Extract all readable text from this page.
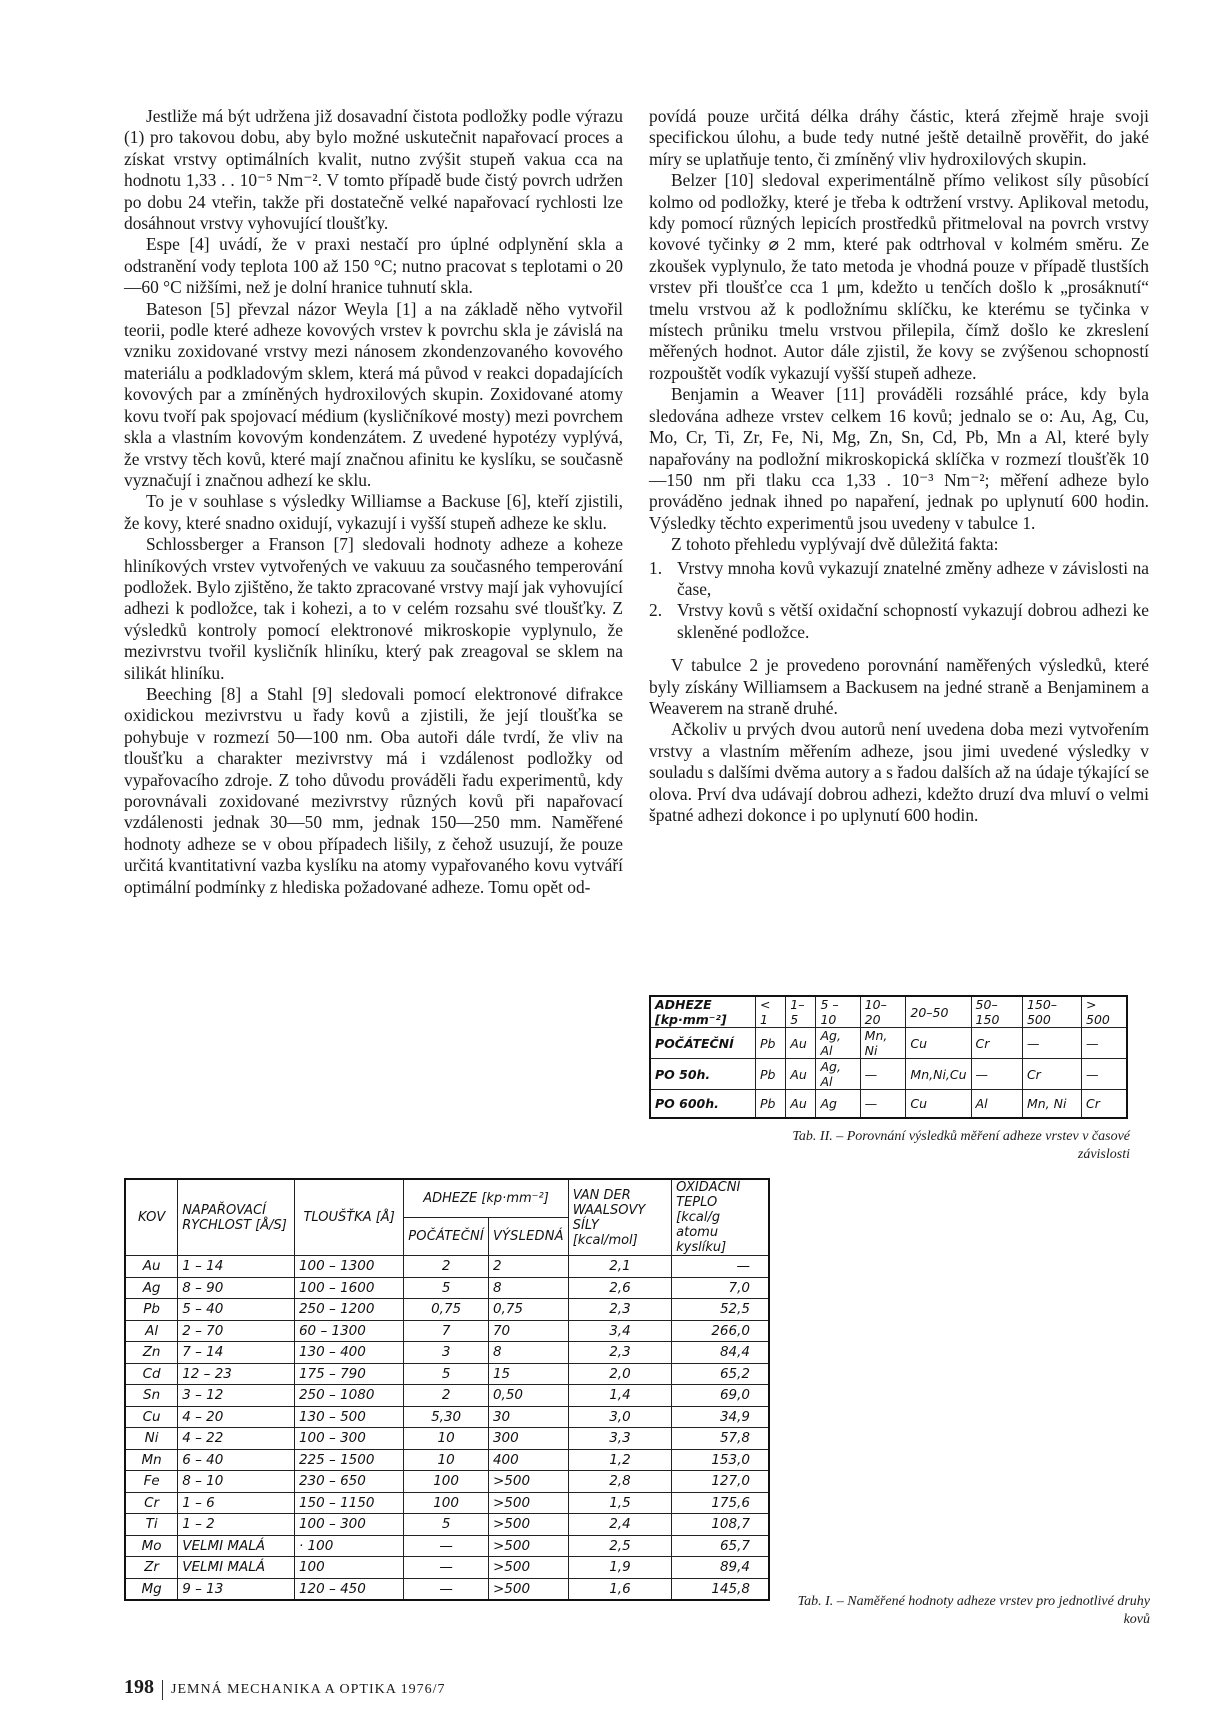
Jestliže má být udržena již dosavadní čistota podložky podle výrazu (1) pro takovou dobu, aby bylo možné uskutečnit napařovací proces a získat vrstvy optimálních kvalit, nutno zvýšit stupeň vakua cca na hodnotu 1,33 . . 10⁻⁵ Nm⁻². V tomto případě bude čistý povrch udržen po dobu 24 vteřin, takže při dostatečně velké napařovací rychlosti lze dosáhnout vrstvy vyhovující tloušťky.

Espe [4] uvádí, že v praxi nestačí pro úplné odplynění skla a odstranění vody teplota 100 až 150 °C; nutno pracovat s teplotami o 20—60 °C nižšími, než je dolní hranice tuhnutí skla.

Bateson [5] převzal názor Weyla [1] a na základě něho vytvořil teorii, podle které adheze kovových vrstev k povrchu skla je závislá na vzniku zoxidované vrstvy mezi nánosem zkondenzovaného kovového materiálu a podkladovým sklem, která má původ v reakci dopadajících kovových par a zmíněných hydroxilových skupin. Zoxidované atomy kovu tvoří pak spojovací médium (kysličníkové mosty) mezi povrchem skla a vlastním kovovým kondenzátem. Z uvedené hypotézy vyplývá, že vrstvy těch kovů, které mají značnou afinitu ke kyslíku, se současně vyznačují i značnou adhezí ke sklu.

To je v souhlase s výsledky Williamse a Backuse [6], kteří zjistili, že kovy, které snadno oxidují, vykazují i vyšší stupeň adheze ke sklu.

Schlossberger a Franson [7] sledovali hodnoty adheze a koheze hliníkových vrstev vytvořených ve vakuuu za současného temperování podložek. Bylo zjištěno, že takto zpracované vrstvy mají jak vyhovující adhezi k podložce, tak i kohezi, a to v celém rozsahu své tloušťky. Z výsledků kontroly pomocí elektronové mikroskopie vyplynulo, že mezivrstvu tvořil kysličník hliníku, který pak zreagoval se sklem na silikát hliníku.

Beeching [8] a Stahl [9] sledovali pomocí elektronové difrakce oxidickou mezivrstvu u řady kovů a zjistili, že její tloušťka se pohybuje v rozmezí 50—100 nm. Oba autoři dále tvrdí, že vliv na tloušťku a charakter mezivrstvy má i vzdálenost podložky od vypařovacího zdroje. Z toho důvodu prováděli řadu experimentů, kdy porovnávali zoxidované mezivrstvy různých kovů při napařovací vzdálenosti jednak 30—50 mm, jednak 150—250 mm. Naměřené hodnoty adheze se v obou případech lišily, z čehož usuzují, že pouze určitá kvantitativní vazba kyslíku na atomy vypařovaného kovu vytváří optimální podmínky z hlediska požadované adheze. Tomu opět od-

povídá pouze určitá délka dráhy částic, která zřejmě hraje svoji specifickou úlohu, a bude tedy nutné ještě detailně prověřit, do jaké míry se uplatňuje tento, či zmíněný vliv hydroxilových skupin.

Belzer [10] sledoval experimentálně přímo velikost síly působící kolmo od podložky, které je třeba k odtržení vrstvy. Aplikoval metodu, kdy pomocí různých lepicích prostředků přitmeloval na povrch vrstvy kovové tyčinky ⌀ 2 mm, které pak odtrhoval v kolmém směru. Ze zkoušek vyplynulo, že tato metoda je vhodná pouze v případě tlustších vrstev při tloušťce cca 1 μm, kdežto u tenčích došlo k „prosáknutí“ tmelu vrstvou až k podložnímu sklíčku, ke kterému se tyčinka v místech průniku tmelu vrstvou přilepila, čímž došlo ke zkreslení měřených hodnot. Autor dále zjistil, že kovy se zvýšenou schopností rozpouštět vodík vykazují vyšší stupeň adheze.

Benjamin a Weaver [11] prováděli rozsáhlé práce, kdy byla sledována adheze vrstev celkem 16 kovů; jednalo se o: Au, Ag, Cu, Mo, Cr, Ti, Zr, Fe, Ni, Mg, Zn, Sn, Cd, Pb, Mn a Al, které byly napařovány na podložní mikroskopická sklíčka v rozmezí tloušťěk 10—150 nm při tlaku cca 1,33 . 10⁻³ Nm⁻²; měření adheze bylo prováděno jednak ihned po napaření, jednak po uplynutí 600 hodin. Výsledky těchto experimentů jsou uvedeny v tabulce 1.

Z tohoto přehledu vyplývají dvě důležitá fakta:

1. Vrstvy mnoha kovů vykazují znatelné změny adheze v závislosti na čase,
2. Vrstvy kovů s větší oxidační schopností vykazují dobrou adhezi ke skleněné podložce.

V tabulce 2 je provedeno porovnání naměřených výsledků, které byly získány Williamsem a Backusem na jedné straně a Benjaminem a Weaverem na straně druhé.

Ačkoliv u prvých dvou autorů není uvedena doba mezi vytvořením vrstvy a vlastním měřením adheze, jsou jimi uvedené výsledky v souladu s dalšími dvěma autory a s řadou dalších až na údaje týkající se olova. Prví dva udávají dobrou adhezi, kdežto druzí dva mluví o velmi špatné adhezi dokonce i po uplynutí 600 hodin.

ADHEZE [kp·mm⁻²]	< 1	1–5	5 – 10	10–20	20–50	50–150	150–500	> 500
POČÁTEČNÍ	Pb	Au	Ag, Al	Mn, Ni	Cu	Cr	—	—
PO 50h.	Pb	Au	Ag, Al	—	Mn,Ni,Cu	—	Cr	—
PO 600h.	Pb	Au	Ag	—	Cu	Al	Mn, Ni	Cr
Tab. II. – Porovnání výsledků měření adheze vrstev v časové závislosti
KOV	NAPAŘOVACÍ RYCHLOST [Å/S]	TLOUŠŤKA [Å]	ADHEZE [kp·mm⁻²]		VAN DER WAALSOVY SÍLY [kcal/mol]	OXIDAČNÍ TEPLO [kcal/g atomu kyslíku]
			POČÁTEČNÍ	VÝSLEDNÁ		
Au	1 – 14	100 – 1300	2	2	2,1	—
Ag	8 – 90	100 – 1600	5	8	2,6	7,0
Pb	5 – 40	250 – 1200	0,75	0,75	2,3	52,5
Al	2 – 70	60 – 1300	7	70	3,4	266,0
Zn	7 – 14	130 – 400	3	8	2,3	84,4
Cd	12 – 23	175 – 790	5	15	2,0	65,2
Sn	3 – 12	250 – 1080	2	0,50	1,4	69,0
Cu	4 – 20	130 – 500	5,30	30	3,0	34,9
Ni	4 – 22	100 – 300	10	300	3,3	57,8
Mn	6 – 40	225 – 1500	10	400	1,2	153,0
Fe	8 – 10	230 – 650	100	>500	2,8	127,0
Cr	1 – 6	150 – 1150	100	>500	1,5	175,6
Ti	1 – 2	100 – 300	5	>500	2,4	108,7
Mo	VELMI MALÁ	· 100	—	>500	2,5	65,7
Zr	VELMI MALÁ	100	—	>500	1,9	89,4
Mg	9 – 13	120 – 450	—	>500	1,6	145,8
Tab. I. – Naměřené hodnoty adheze vrstev pro jednotlivé druhy kovů
198 JEMNÁ MECHANIKA A OPTIKA 1976/7
